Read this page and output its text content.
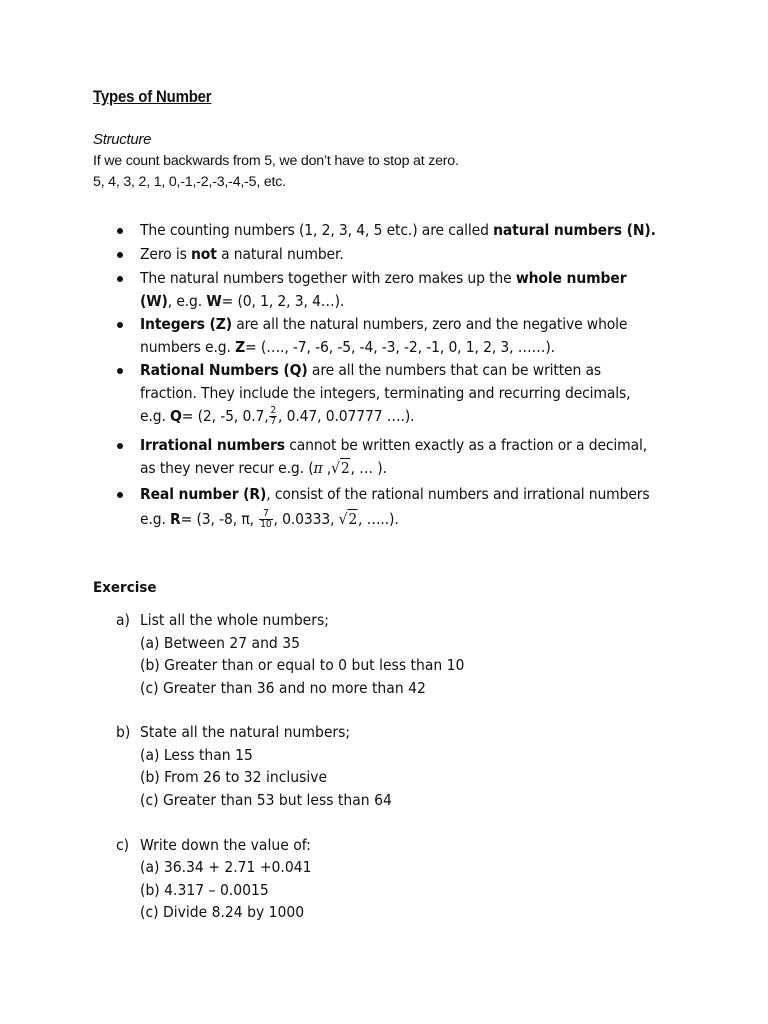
Types of Number
Structure
If we count backwards from 5, we don’t have to stop at zero.
5, 4, 3, 2, 1, 0,-1,-2,-3,-4,-5, etc.
The counting numbers (1, 2, 3, 4, 5 etc.) are called natural numbers (N).
Zero is not a natural number.
The natural numbers together with zero makes up the whole number
(W), e.g. W= (0, 1, 2, 3, 4…).
Integers (Z) are all the natural numbers, zero and the negative whole
numbers e.g. Z= (…., -7, -6, -5, -4, -3, -2, -1, 0, 1, 2, 3, ……).
Rational Numbers (Q) are all the numbers that can be written as
fraction. They include the integers, terminating and recurring decimals,
e.g. Q= (2, -5, 0.7, $\frac{2}{7}$ , 0.47, 0.07777 ….).
Irrational numbers cannot be written exactly as a fraction or a decimal,
as they never recur e.g. (π ,√2, … ).
Real number (R), consist of the rational numbers and irrational numbers
e.g. R= (3, -8, π, $\frac{7}{10}$ , 0.0333, √2, …..).
Exercise
a) List all the whole numbers;
(a) Between 27 and 35
(b) Greater than or equal to 0 but less than 10
(c) Greater than 36 and no more than 42
b) State all the natural numbers;
(a) Less than 15
(b) From 26 to 32 inclusive
(c) Greater than 53 but less than 64
c) Write down the value of:
(a) 36.34 + 2.71 +0.041
(b) 4.317 – 0.0015
(c) Divide 8.24 by 1000
